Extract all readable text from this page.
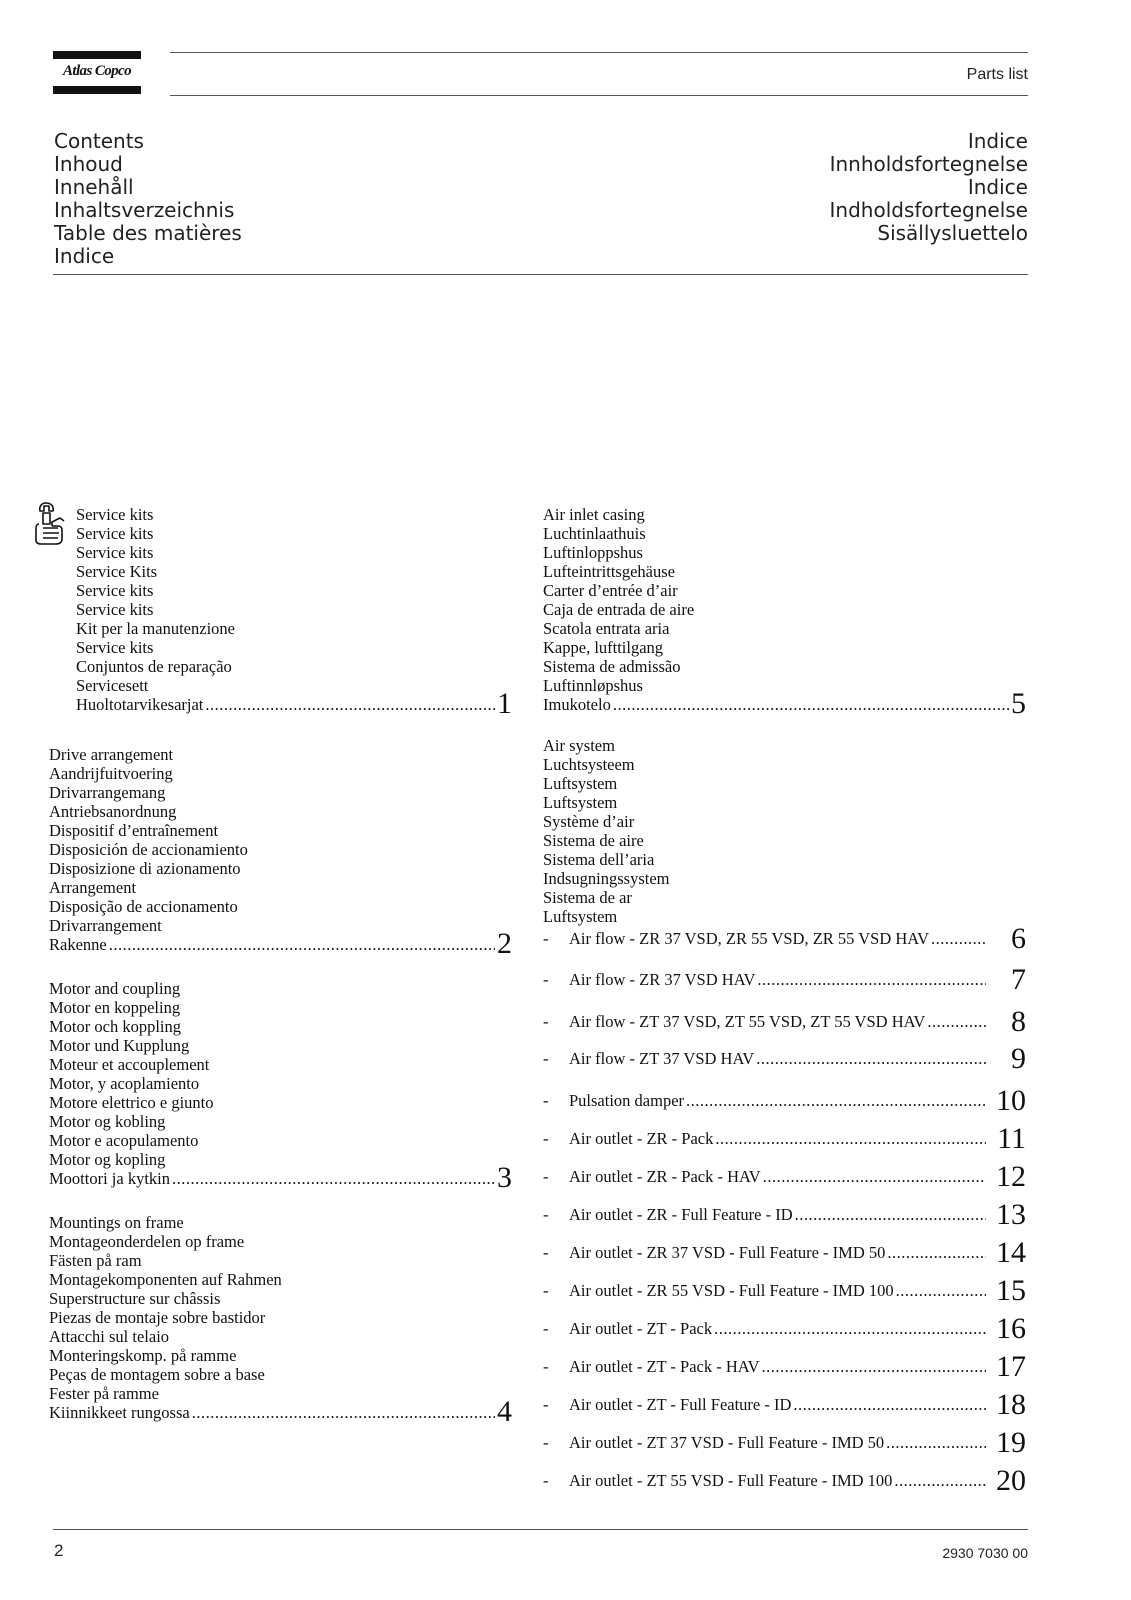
Atlas Copco	Parts list
Contents
Inhoud
Innehåll
Inhaltsverzeichnis
Table des matières
Indice
Indice
Innholdsfortegnelse
Indice
Indholdsfortegnelse
Sisällysluettelo
Service kits
Service kits
Service kits
Service Kits
Service kits
Service kits
Kit per la manutenzione
Service kits
Conjuntos de reparação
Servicesett
Huoltotarvikesarjat .....	1
Drive arrangement
Aandrijfuitvoering
Drivarrangemang
Antriebsanordnung
Dispositif d’entraînement
Disposición de accionamiento
Disposizione di azionamento
Arrangement
Disposição de accionamento
Drivarrangement
Rakenne .....	2
Motor and coupling
Motor en koppeling
Motor och koppling
Motor und Kupplung
Moteur et accouplement
Motor, y acoplamiento
Motore elettrico e giunto
Motor og kobling
Motor e acopulamento
Motor og kopling
Moottori ja kytkin .....	3
Mountings on frame
Montageonderdelen op frame
Fästen på ram
Montagekomponenten auf Rahmen
Superstructure sur châssis
Piezas de montaje sobre bastidor
Attacchi sul telaio
Monteringskomp. på ramme
Peças de montagem sobre a base
Fester på ramme
Kiinnikkeet rungossa .....	4
Air inlet casing
Luchtinlaathuis
Luftinloppshus
Lufteintrittsgehäuse
Carter d’entrée d’air
Caja de entrada de aire
Scatola entrata aria
Kappe, lufttilgang
Sistema de admissão
Luftinnløpshus
Imukotelo .....	5
Air system
Luchtsysteem
Luftsystem
Luftsystem
Système d’air
Sistema de aire
Sistema dell’aria
Indsugningssystem
Sistema de ar
Luftsystem
-	Air flow - ZR 37 VSD, ZR 55 VSD, ZR 55 VSD HAV .....	6
-	Air flow - ZR 37 VSD HAV .....	7
-	Air flow - ZT 37 VSD, ZT 55 VSD, ZT 55 VSD HAV .....	8
-	Air flow - ZT 37 VSD HAV .....	9
-	Pulsation damper .....	10
-	Air outlet - ZR - Pack .....	11
-	Air outlet - ZR - Pack - HAV .....	12
-	Air outlet - ZR - Full Feature - ID .....	13
-	Air outlet - ZR 37 VSD - Full Feature - IMD 50 .....	14
-	Air outlet - ZR 55 VSD - Full Feature - IMD 100 .....	15
-	Air outlet - ZT - Pack .....	16
-	Air outlet - ZT - Pack - HAV .....	17
-	Air outlet - ZT - Full Feature - ID .....	18
-	Air outlet - ZT 37 VSD - Full Feature - IMD 50 .....	19
-	Air outlet - ZT 55 VSD - Full Feature - IMD 100 .....	20
2	2930 7030 00
